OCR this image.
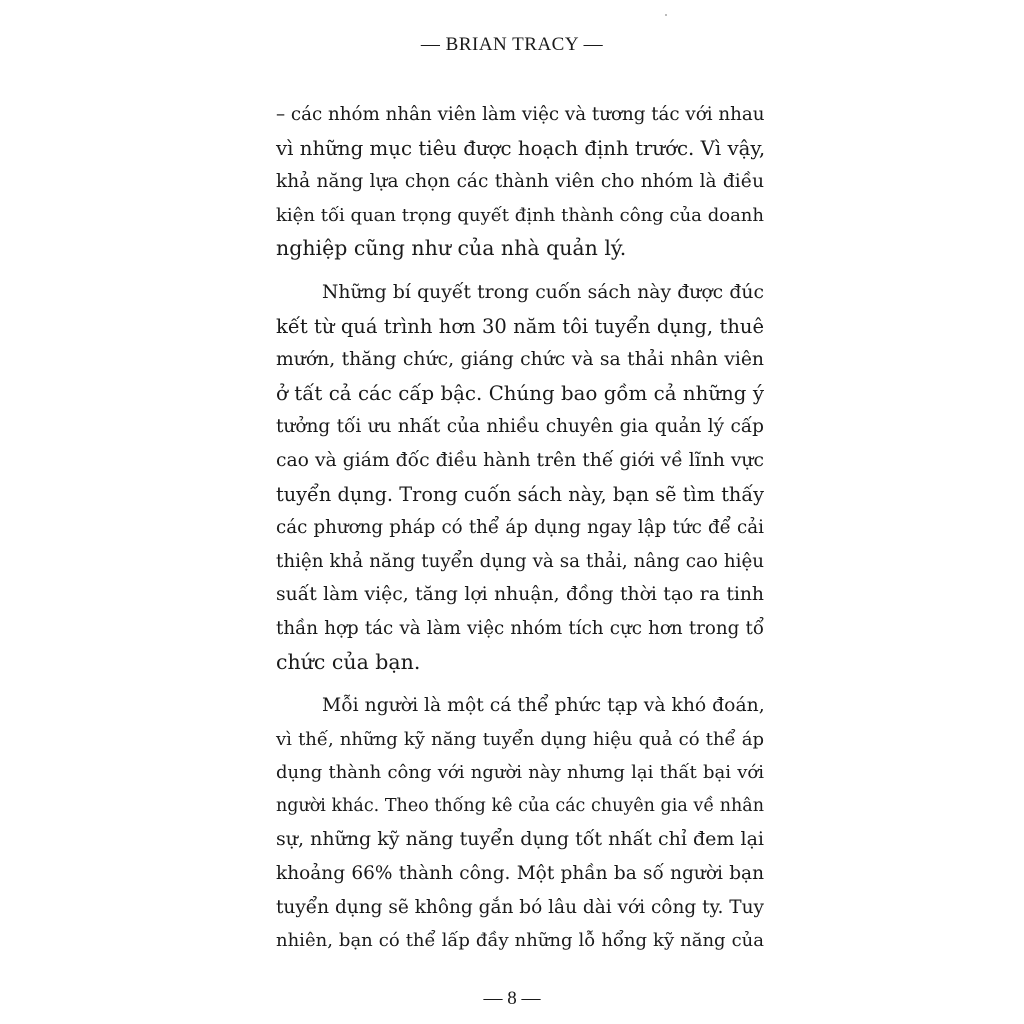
— BRIAN TRACY —
– các nhóm nhân viên làm việc và tương tác với nhau
vì những mục tiêu được hoạch định trước. Vì vậy,
khả năng lựa chọn các thành viên cho nhóm là điều
kiện tối quan trọng quyết định thành công của doanh
nghiệp cũng như của nhà quản lý.
Những bí quyết trong cuốn sách này được đúc
kết từ quá trình hơn 30 năm tôi tuyển dụng, thuê
mướn, thăng chức, giáng chức và sa thải nhân viên
ở tất cả các cấp bậc. Chúng bao gồm cả những ý
tưởng tối ưu nhất của nhiều chuyên gia quản lý cấp
cao và giám đốc điều hành trên thế giới về lĩnh vực
tuyển dụng. Trong cuốn sách này, bạn sẽ tìm thấy
các phương pháp có thể áp dụng ngay lập tức để cải
thiện khả năng tuyển dụng và sa thải, nâng cao hiệu
suất làm việc, tăng lợi nhuận, đồng thời tạo ra tinh
thần hợp tác và làm việc nhóm tích cực hơn trong tổ
chức của bạn.
Mỗi người là một cá thể phức tạp và khó đoán,
vì thế, những kỹ năng tuyển dụng hiệu quả có thể áp
dụng thành công với người này nhưng lại thất bại với
người khác. Theo thống kê của các chuyên gia về nhân
sự, những kỹ năng tuyển dụng tốt nhất chỉ đem lại
khoảng 66% thành công. Một phần ba số người bạn
tuyển dụng sẽ không gắn bó lâu dài với công ty. Tuy
nhiên, bạn có thể lấp đầy những lỗ hổng kỹ năng của
— 8 —
